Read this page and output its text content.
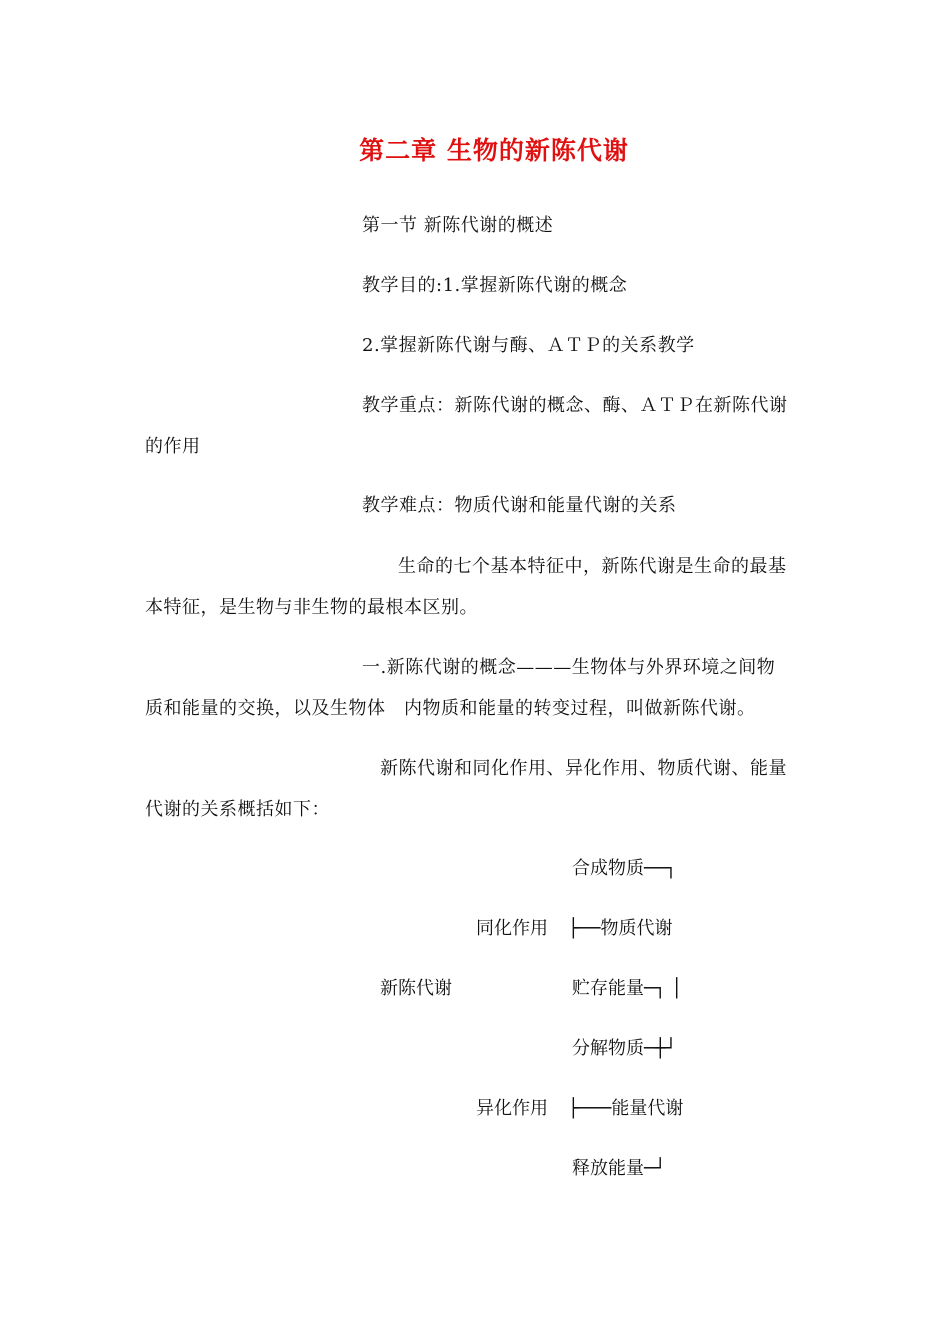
第二章 生物的新陈代谢
第一节 新陈代谢的概述
教学目的:1.掌握新陈代谢的概念
2.掌握新陈代谢与酶、ＡＴＰ的关系教学
教学重点：新陈代谢的概念、酶、ＡＴＰ在新陈代谢
的作用
教学难点：物质代谢和能量代谢的关系
生命的七个基本特征中，新陈代谢是生命的最基
本特征，是生物与非生物的最根本区别。
一.新陈代谢的概念———生物体与外界环境之间物
质和能量的交换，以及生物体　内物质和能量的转变过程，叫做新陈代谢。
新陈代谢和同化作用、异化作用、物质代谢、能量
代谢的关系概括如下：
合成物质──┐
同化作用 ├──物质代谢
新陈代谢	贮存能量─┐ │
分解物质─┼┘
异化作用 ├───能量代谢
释放能量─┘
